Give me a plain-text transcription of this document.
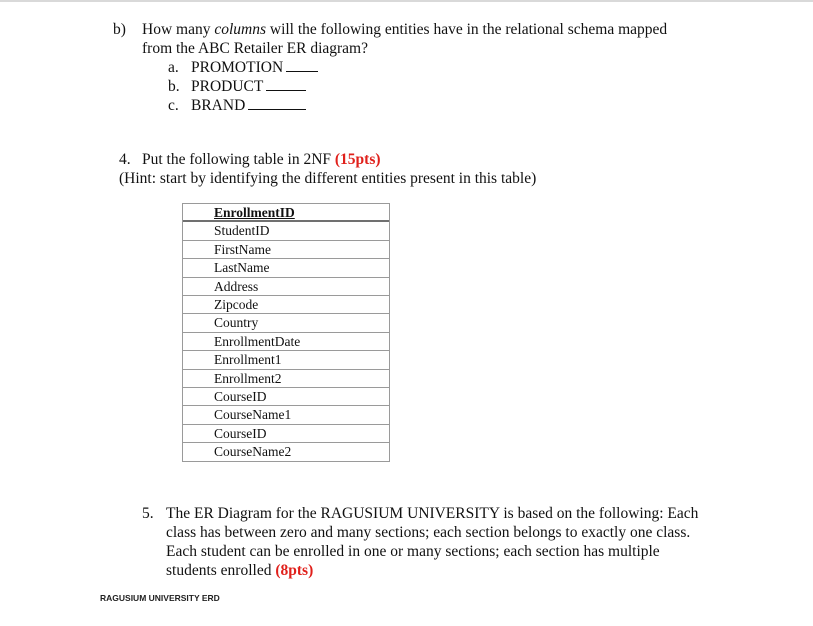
b) How many columns will the following entities have in the relational schema mapped
from the ABC Retailer ER diagram?
a. PROMOTION
b. PRODUCT
c. BRAND
4. Put the following table in 2NF (15pts)
(Hint: start by identifying the different entities present in this table)
EnrollmentID
StudentID
FirstName
LastName
Address
Zipcode
Country
EnrollmentDate
Enrollment1
Enrollment2
CourseID
CourseName1
CourseID
CourseName2
5. The ER Diagram for the RAGUSIUM UNIVERSITY is based on the following: Each
class has between zero and many sections; each section belongs to exactly one class.
Each student can be enrolled in one or many sections; each section has multiple
students enrolled (8pts)
RAGUSIUM UNIVERSITY ERD
